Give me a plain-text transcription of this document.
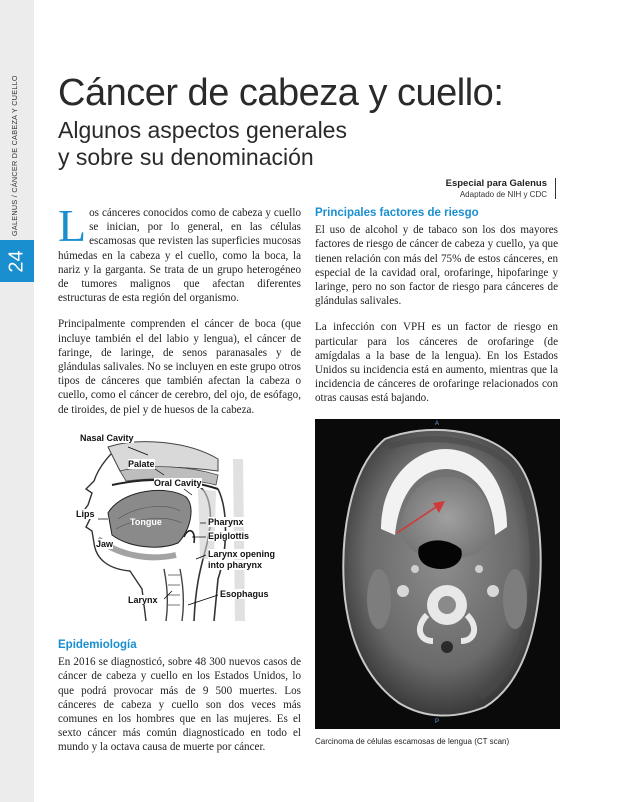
GALENUS / CÁNCER DE CABEZA Y CUELLO
24
Cáncer de cabeza y cuello:
Algunos aspectos generales
y sobre su denominación
Especial para Galenus
Adaptado de NIH y CDC

Los cánceres conocidos como de cabeza y cuello se inician, por lo general, en las células escamosas que revisten las superficies mucosas húmedas en la cabeza y el cuello, como la boca, la nariz y la garganta. Se trata de un grupo heterogéneo de tumores malignos que afectan diferentes estructuras de esta región del organismo.

Principalmente comprenden el cáncer de boca (que incluye también el del labio y lengua), el cáncer de faringe, de laringe, de senos paranasales y de glándulas salivales. No se incluyen en este grupo otros tipos de cánceres que también afectan la cabeza o cuello, como el cáncer de cerebro, del ojo, de esófago, de tiroides, de piel y de huesos de la cabeza.

Principales factores de riesgo

El uso de alcohol y de tabaco son los dos mayores factores de riesgo de cáncer de cabeza y cuello, ya que tienen relación con más del 75% de estos cánceres, en especial de la cavidad oral, orofaringe, hipofaringe y laringe, pero no son factor de riesgo para cánceres de glándulas salivales.

La infección con VPH es un factor de riesgo en particular para los cánceres de orofaringe (de amígdalas a la base de la lengua). En los Estados Unidos su incidencia está en aumento, mientras que la incidencia de cánceres de orofaringe relacionados con otras causas está bajando.

Nasal Cavity
Palate
Oral Cavity
Lips
Tongue
Jaw
Pharynx
Epiglottis
Larynx opening
into pharynx
Larynx
Esophagus
Epidemiología

En 2016 se diagnosticó, sobre 48 300 nuevos casos de cáncer de cabeza y cuello en los Estados Unidos, lo que podrá provocar más de 9 500 muertes. Los cánceres de cabeza y cuello son dos veces más comunes en los hombres que en las mujeres. Es el sexto cáncer más común diagnosticado en todo el mundo y la octava causa de muerte por cáncer.

A
P
Carcinoma de células escamosas de lengua (CT scan)
